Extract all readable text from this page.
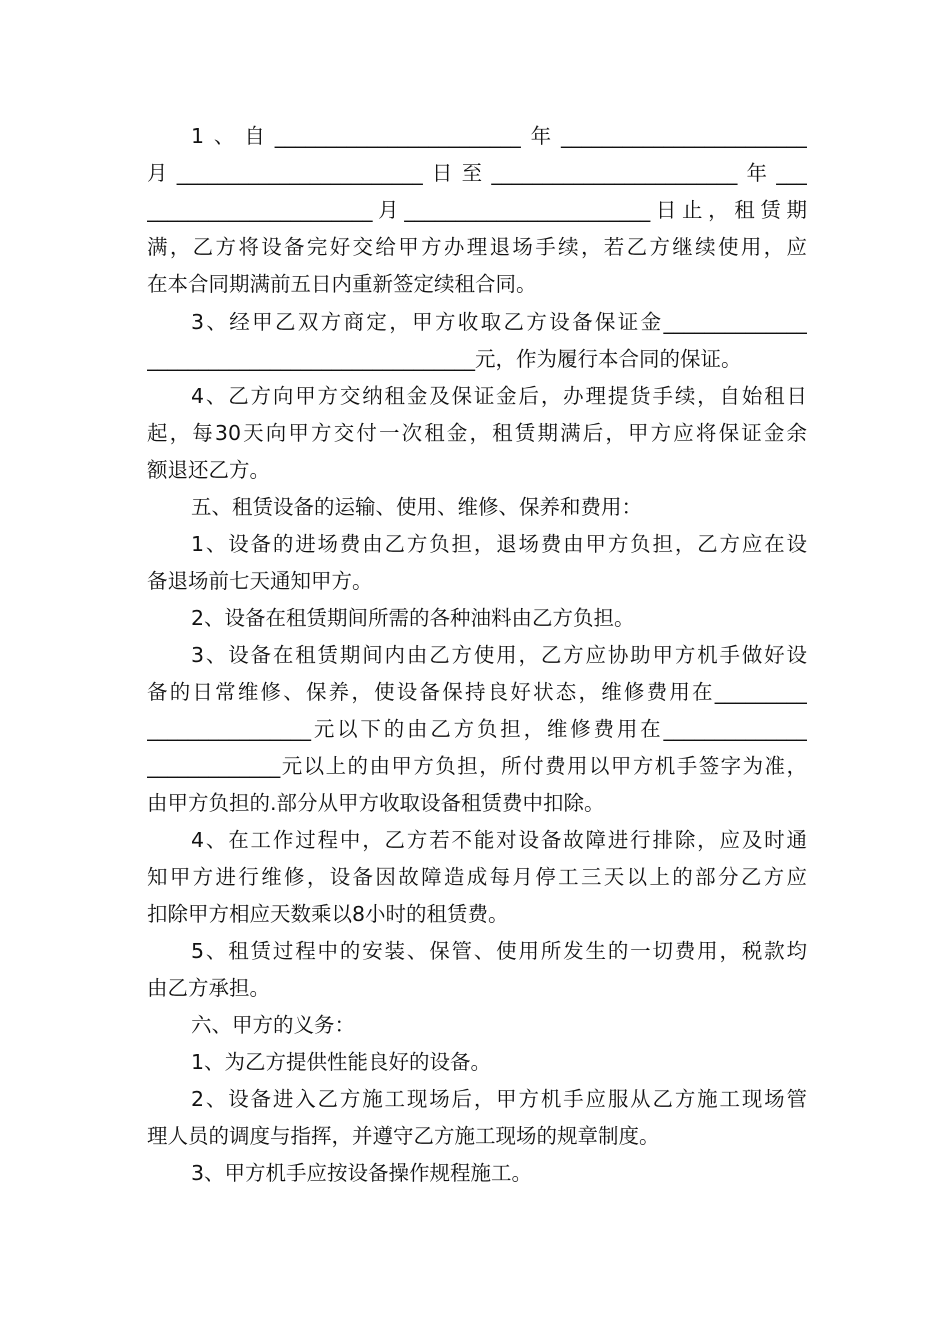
1、自________________________年________________________
月________________________日至________________________年___
______________________月________________________日止，租赁期
满，乙方将设备完好交给甲方办理退场手续，若乙方继续使用，应
在本合同期满前五日内重新签定续租合同。
3、经甲乙双方商定，甲方收取乙方设备保证金______________
________________________________元，作为履行本合同的保证。
4、乙方向甲方交纳租金及保证金后，办理提货手续，自始租日
起，每30天向甲方交付一次租金，租赁期满后，甲方应将保证金余
额退还乙方。
五、租赁设备的运输、使用、维修、保养和费用：
1、设备的进场费由乙方负担，退场费由甲方负担，乙方应在设
备退场前七天通知甲方。
2、设备在租赁期间所需的各种油料由乙方负担。
3、设备在租赁期间内由乙方使用，乙方应协助甲方机手做好设
备的日常维修、保养，使设备保持良好状态，维修费用在_________
________________元以下的由乙方负担，维修费用在______________
_____________元以上的由甲方负担，所付费用以甲方机手签字为准，
由甲方负担的.部分从甲方收取设备租赁费中扣除。
4、在工作过程中，乙方若不能对设备故障进行排除，应及时通
知甲方进行维修，设备因故障造成每月停工三天以上的部分乙方应
扣除甲方相应天数乘以8小时的租赁费。
5、租赁过程中的安装、保管、使用所发生的一切费用，税款均
由乙方承担。
六、甲方的义务：
1、为乙方提供性能良好的设备。
2、设备进入乙方施工现场后，甲方机手应服从乙方施工现场管
理人员的调度与指挥，并遵守乙方施工现场的规章制度。
3、甲方机手应按设备操作规程施工。
